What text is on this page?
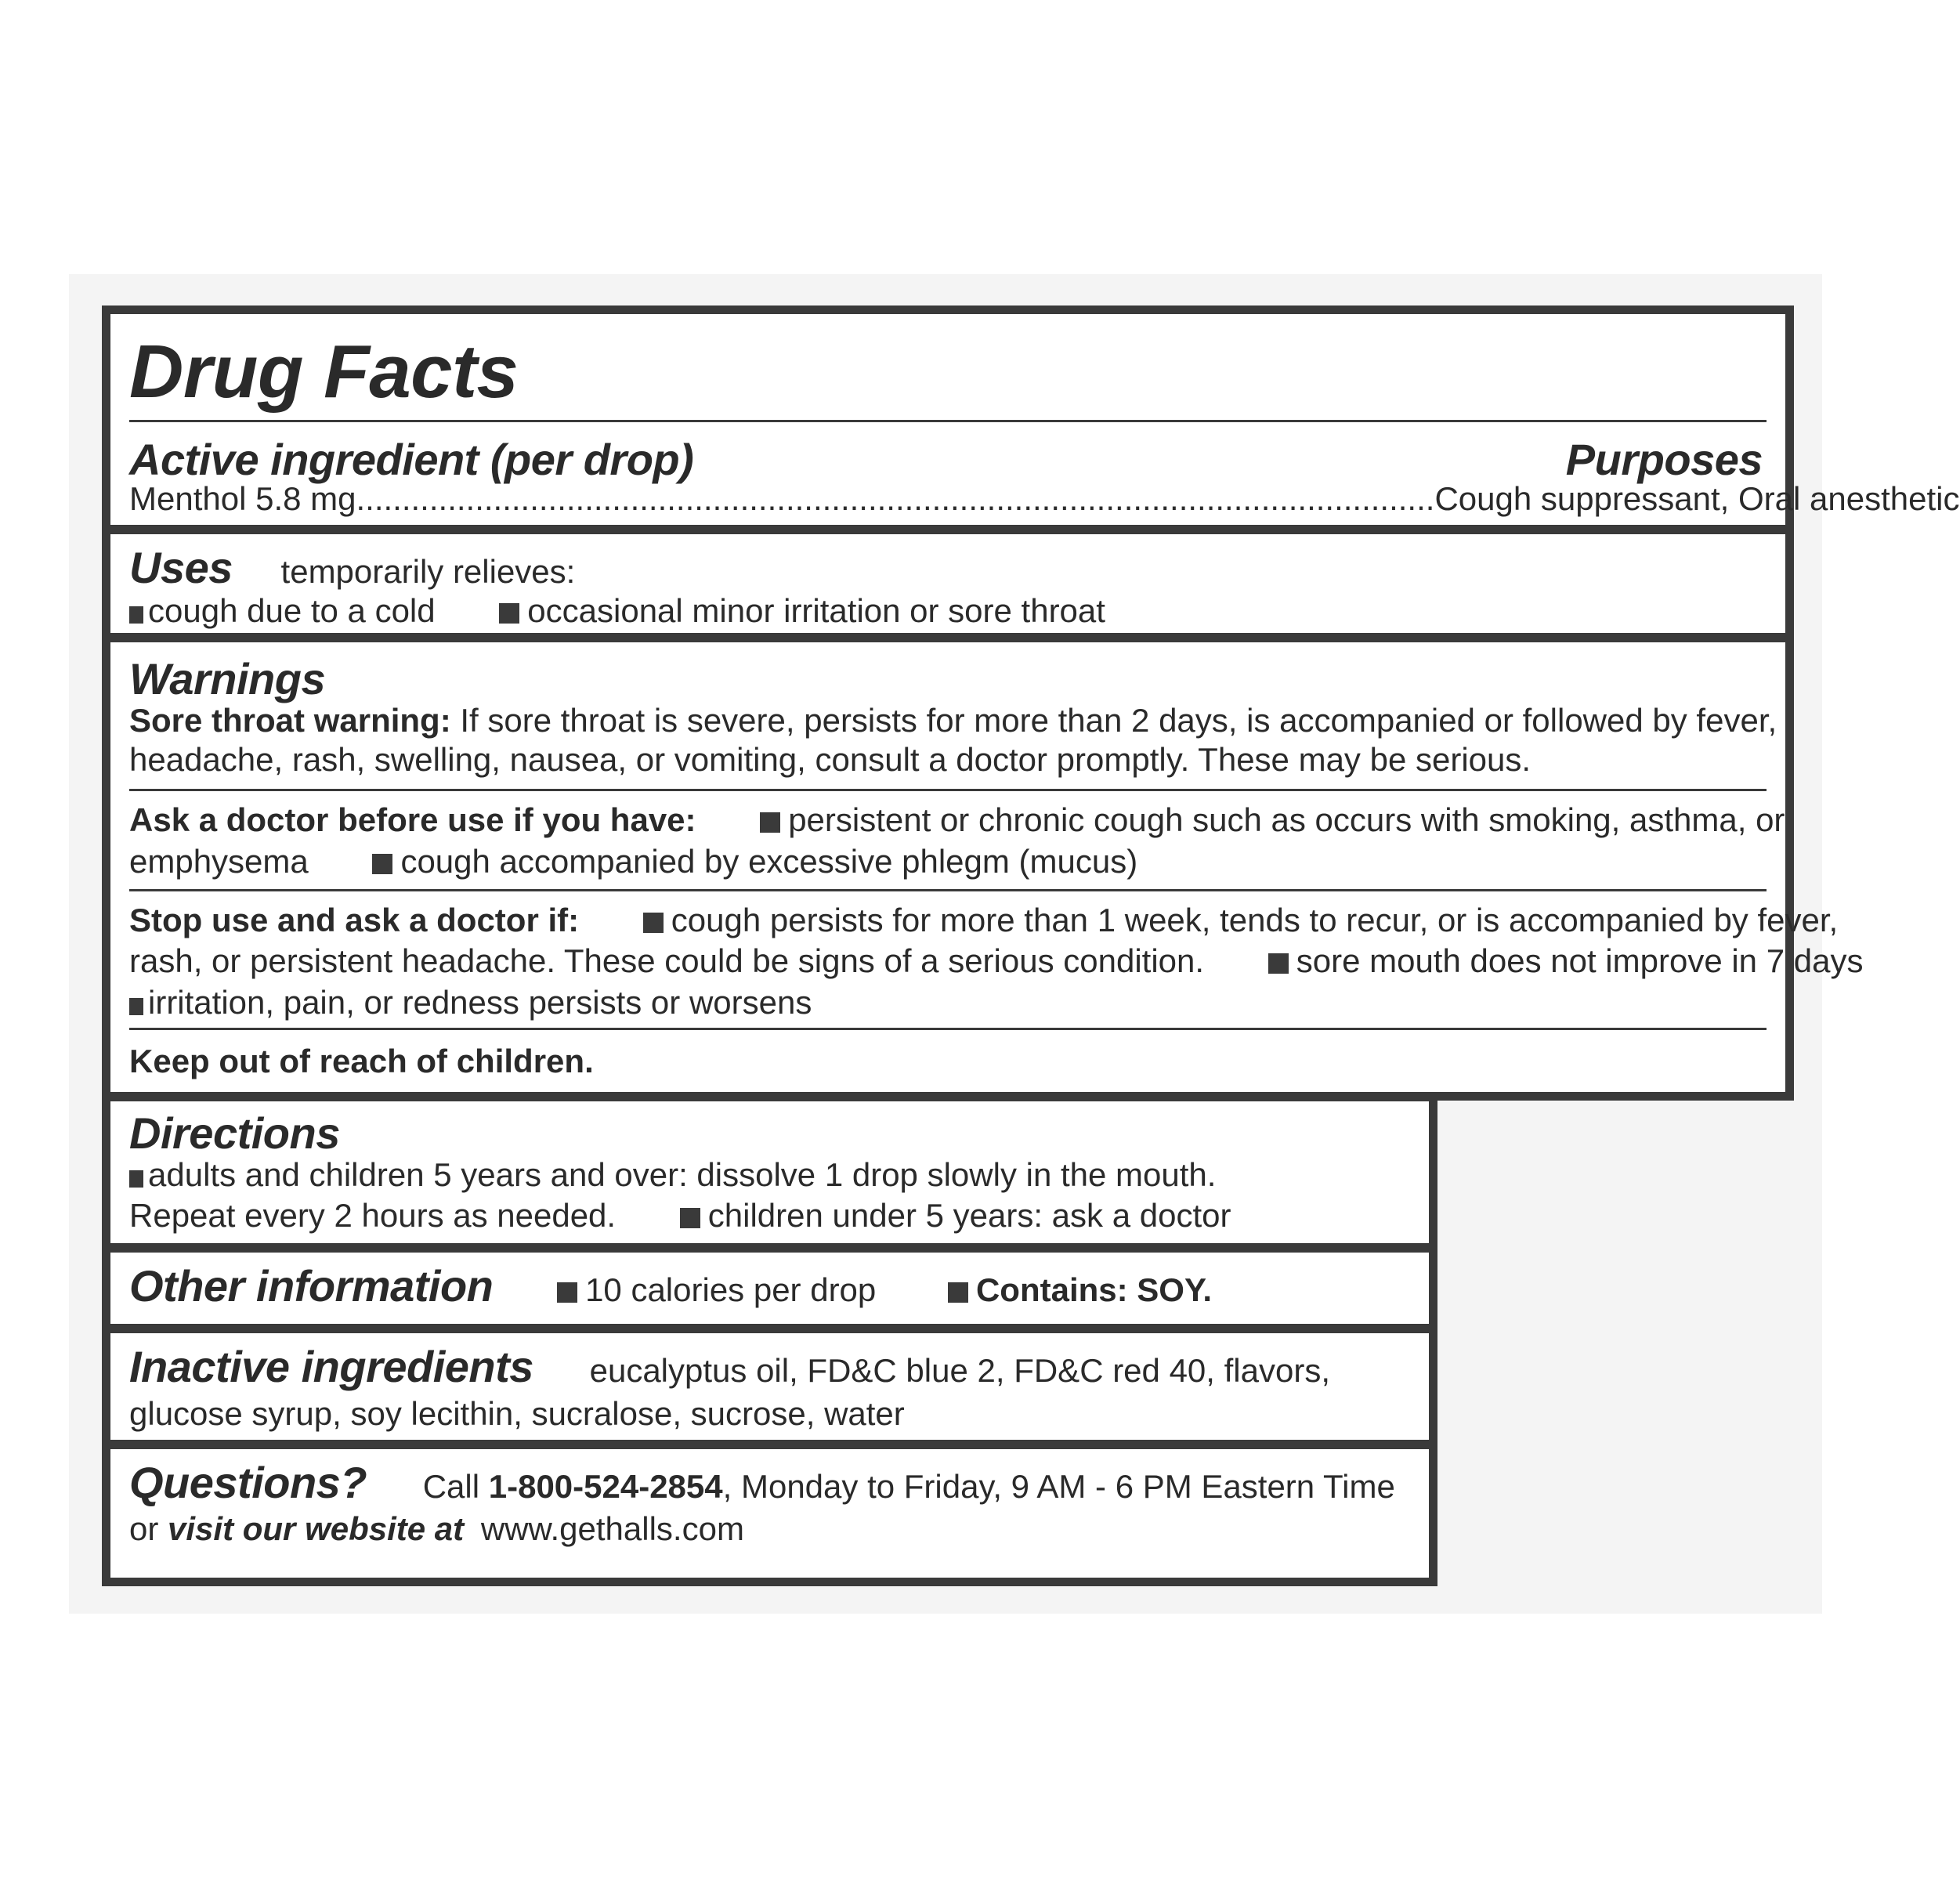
Drug Facts
Active ingredient (per drop)	Purposes
Menthol 5.8 mg ...................................................................................................................... Cough suppressant, Oral anesthetic
Uses temporarily relieves:
cough due to a cold	occasional minor irritation or sore throat
Warnings
Sore throat warning: If sore throat is severe, persists for more than 2 days, is accompanied or followed by fever,
headache, rash, swelling, nausea, or vomiting, consult a doctor promptly. These may be serious.
Ask a doctor before use if you have:	persistent or chronic cough such as occurs with smoking, asthma, or
emphysema	cough accompanied by excessive phlegm (mucus)
Stop use and ask a doctor if:	cough persists for more than 1 week, tends to recur, or is accompanied by fever,
rash, or persistent headache. These could be signs of a serious condition.	sore mouth does not improve in 7 days
irritation, pain, or redness persists or worsens
Keep out of reach of children.
Directions
adults and children 5 years and over: dissolve 1 drop slowly in the mouth.
Repeat every 2 hours as needed.	children under 5 years: ask a doctor
Other information	10 calories per drop	Contains: SOY.
Inactive ingredients eucalyptus oil, FD&C blue 2, FD&C red 40, flavors,
glucose syrup, soy lecithin, sucralose, sucrose, water
Questions? Call 1-800-524-2854, Monday to Friday, 9 AM - 6 PM Eastern Time
or visit our website at www.gethalls.com
